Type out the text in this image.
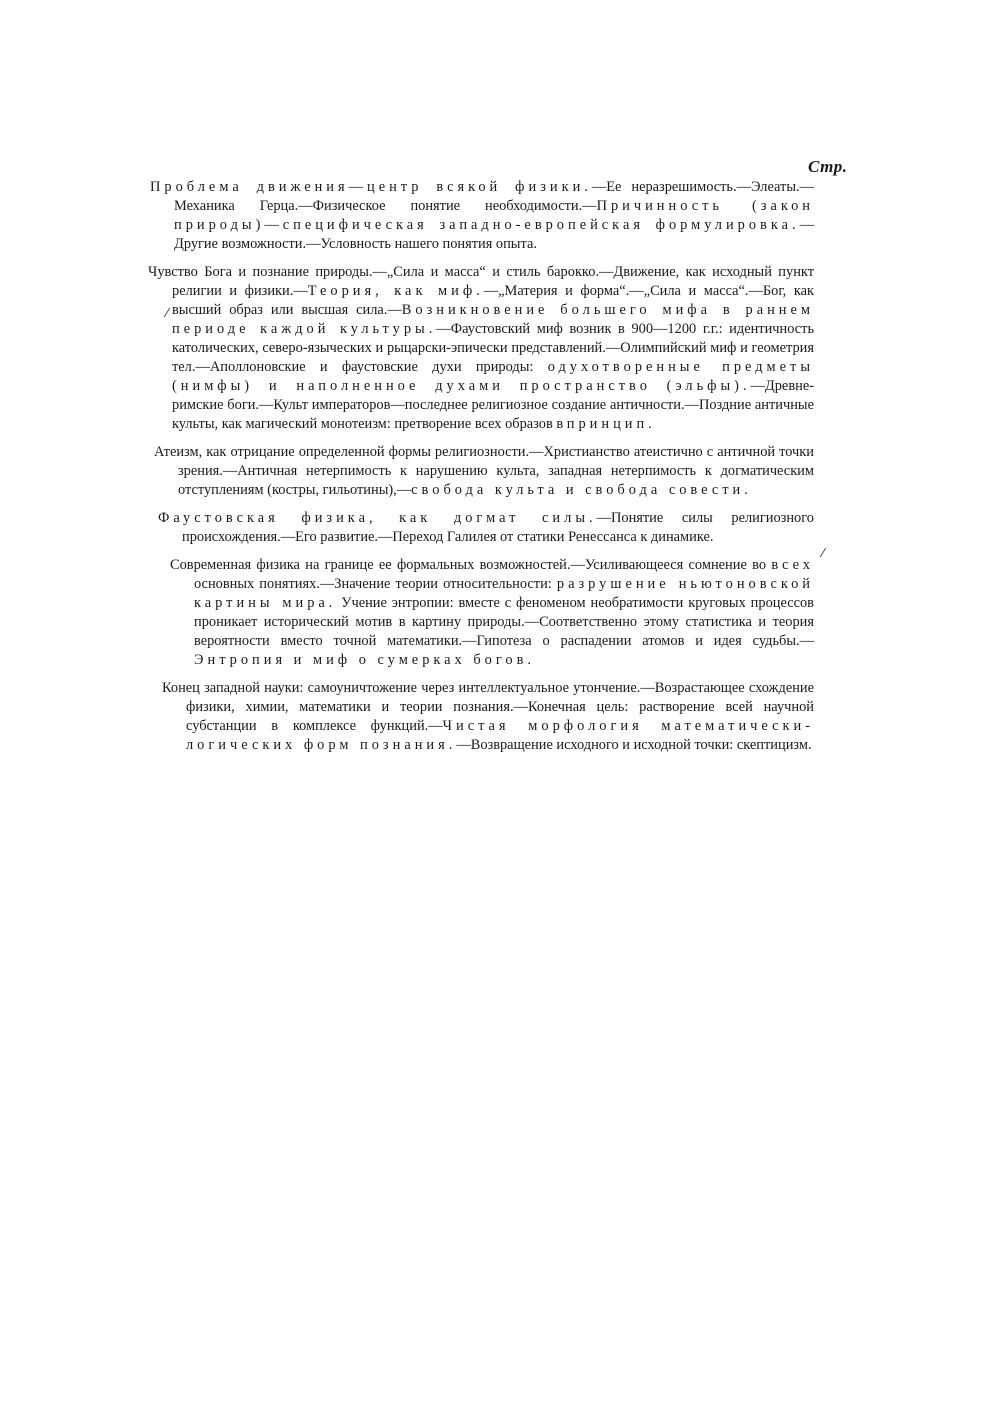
Стр.

Проблема движения—центр всякой физики.—Ее неразрешимость.—Элеаты.—Механика Герца.—Физическое понятие необходимости.—Причинность (закон природы)—специфическая западно-европейская формулировка.—Другие возможности.—Условность нашего понятия опыта.

Чувство Бога и познание природы.—„Сила и масса“ и стиль барокко.—Движение, как исходный пункт религии и физики.—Теория, как миф.—„Материя и форма“.—„Сила и масса“.—Бог, как высший образ или высшая сила.—Возникновение большего мифа в раннем периоде каждой культуры.—Фаустовский миф возник в 900—1200 г.г.: идентичность католических, северо-языческих и рыцарски-эпически представлений.—Олимпийский миф и геометрия тел.—Аполлоновские и фаустовские духи природы: одухотворенные предметы (нимфы) и наполненное духами пространство (эльфы).—Древне-римские боги.—Культ императоров—последнее религиозное создание античности.—Поздние античные культы, как магический монотеизм: претворение всех образов в принцип.

Атеизм, как отрицание определенной формы религиозности.—Христианство атеистично с античной точки зрения.—Античная нетерпимость к нарушению культа, западная нетерпимость к догматическим отступлениям (костры, гильотины),—свобода культа и свобода совести.

Фаустовская физика, как догмат силы.—Понятие силы религиозного происхождения.—Его развитие.—Переход Галилея от статики Ренессанса к динамике.

Современная физика на границе ее формальных возможностей.—Усиливающееся сомнение во всех основных понятиях.—Значение теории относительности: разрушение ньютоновской картины мира. Учение энтропии: вместе с феноменом необратимости круговых процессов проникает исторический мотив в картину природы.—Соответственно этому статистика и теория вероятности вместо точной математики.—Гипотеза о распадении атомов и идея судьбы.—Энтропия и миф о сумерках богов.

Конец западной науки: самоуничтожение через интеллектуальное утончение.—Возрастающее схождение физики, химии, математики и теории познания.—Конечная цель: растворение всей научной субстанции в комплексе функций.—Чистая морфология математически-логических форм познания.—Возвращение исходного и исходной точки: скептицизм.

⁄
⁄
